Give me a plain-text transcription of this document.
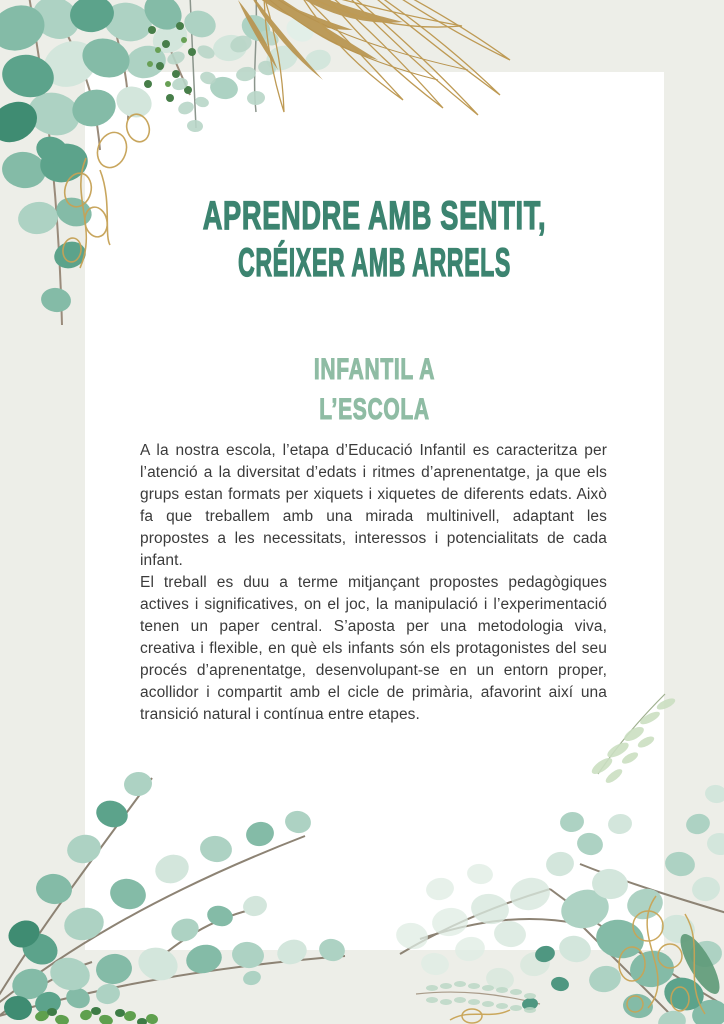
APRENDRE AMB SENTIT,
CRÉIXER AMB ARRELS
INFANTIL A
L’ESCOLA

A la nostra escola, l’etapa d’Educació Infantil es caracteritza per l’atenció a la diversitat d’edats i ritmes d’aprenentatge, ja que els grups estan formats per xiquets i xiquetes de diferents edats. Això fa que treballem amb una mirada multinivell, adaptant les propostes a les necessitats, interessos i potencialitats de cada infant.

El treball es duu a terme mitjançant propostes pedagògiques actives i significatives, on el joc, la manipulació i l’experimentació tenen un paper central. S’aposta per una metodologia viva, creativa i flexible, en què els infants són els protagonistes del seu procés d’aprenentatge, desenvolupant-se en un entorn proper, acollidor i compartit amb el cicle de primària, afavorint així una transició natural i contínua entre etapes.
